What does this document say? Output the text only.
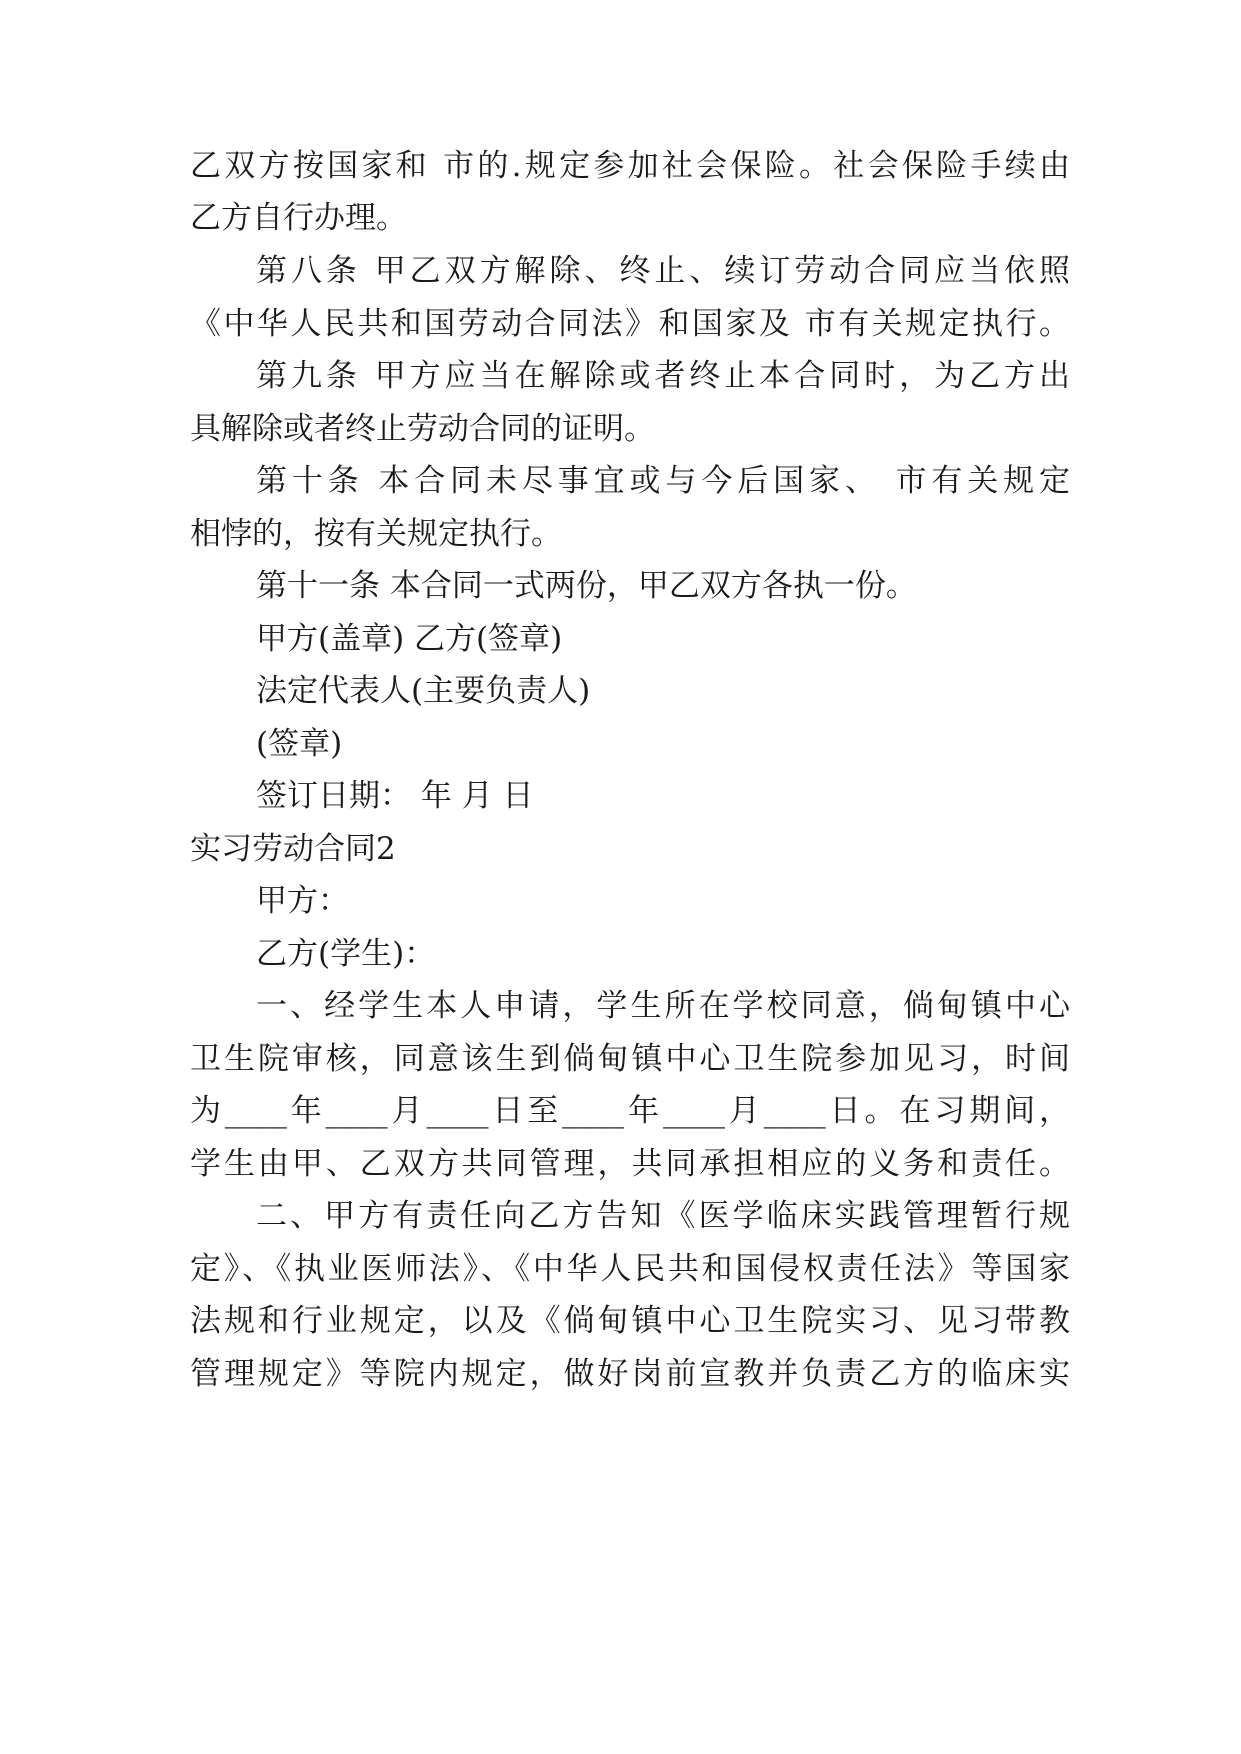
乙双方按国家和 市的.规定参加社会保险。社会保险手续由
乙方自行办理。
第八条 甲乙双方解除、终止、续订劳动合同应当依照
《中华人民共和国劳动合同法》和国家及 市有关规定执行。
第九条 甲方应当在解除或者终止本合同时，为乙方出
具解除或者终止劳动合同的证明。
第十条 本合同未尽事宜或与今后国家、 市有关规定
相悖的，按有关规定执行。
第十一条 本合同一式两份，甲乙双方各执一份。
甲方(盖章) 乙方(签章)
法定代表人(主要负责人)
(签章)
签订日期： 年 月 日
实习劳动合同2
甲方：
乙方(学生)：
一、经学生本人申请，学生所在学校同意，倘甸镇中心
卫生院审核，同意该生到倘甸镇中心卫生院参加见习，时间
为____年____月____日至____年____月____日。在习期间，
学生由甲、乙双方共同管理，共同承担相应的义务和责任。
二、甲方有责任向乙方告知《医学临床实践管理暂行规
定》、《执业医师法》、《中华人民共和国侵权责任法》等国家
法规和行业规定，以及《倘甸镇中心卫生院实习、见习带教
管理规定》等院内规定，做好岗前宣教并负责乙方的临床实
